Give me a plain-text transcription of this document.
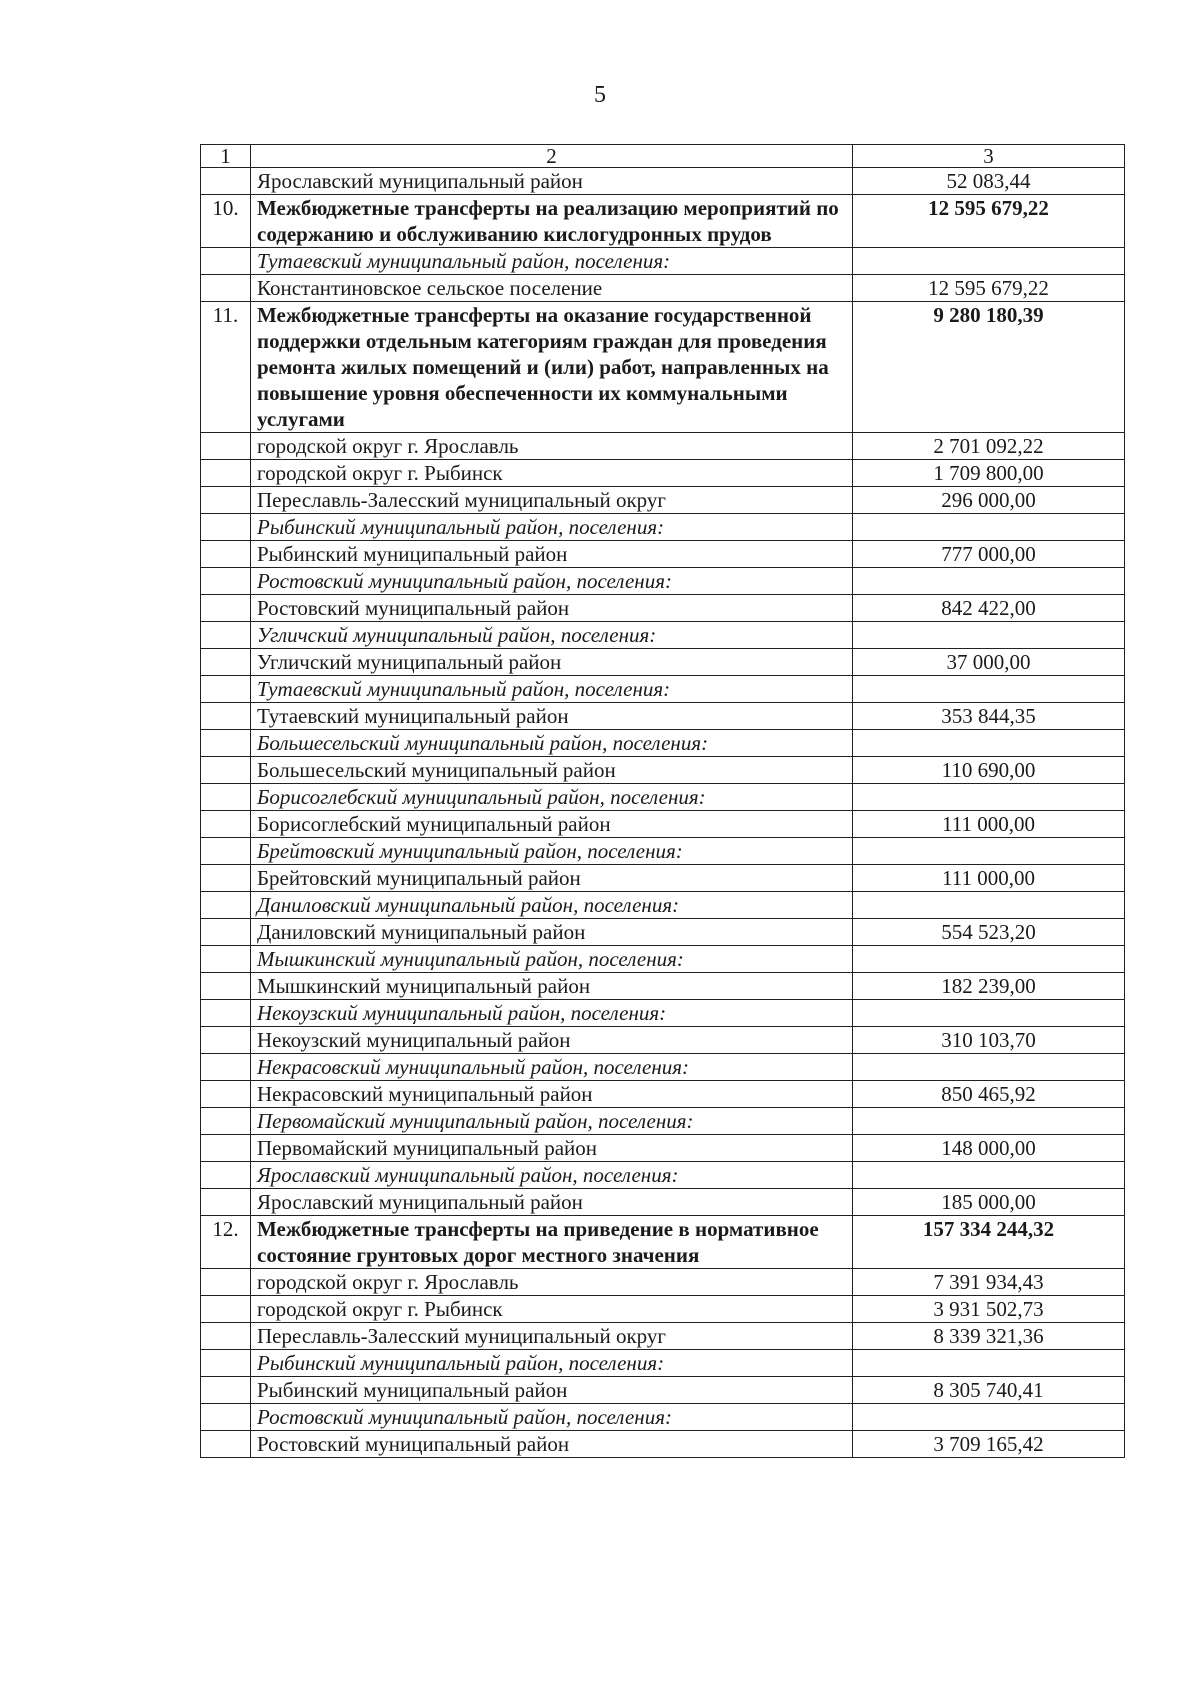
5
1	2	3
	Ярославский муниципальный район	52 083,44
10.	Межбюджетные трансферты на реализацию мероприятий по содержанию и обслуживанию кислогудронных прудов	12 595 679,22
	Тутаевский муниципальный район, поселения:	
	Константиновское сельское поселение	12 595 679,22
11.	Межбюджетные трансферты на оказание государственной поддержки отдельным категориям граждан для проведения ремонта жилых помещений и (или) работ, направленных на повышение уровня обеспеченности их коммунальными услугами	9 280 180,39
	городской округ г. Ярославль	2 701 092,22
	городской округ г. Рыбинск	1 709 800,00
	Переславль-Залесский муниципальный округ	296 000,00
	Рыбинский муниципальный район, поселения:	
	Рыбинский муниципальный район	777 000,00
	Ростовский муниципальный район, поселения:	
	Ростовский муниципальный район	842 422,00
	Угличский муниципальный район, поселения:	
	Угличский муниципальный район	37 000,00
	Тутаевский муниципальный район, поселения:	
	Тутаевский муниципальный район	353 844,35
	Большесельский муниципальный район, поселения:	
	Большесельский муниципальный район	110 690,00
	Борисоглебский муниципальный район, поселения:	
	Борисоглебский муниципальный район	111 000,00
	Брейтовский муниципальный район, поселения:	
	Брейтовский муниципальный район	111 000,00
	Даниловский муниципальный район, поселения:	
	Даниловский муниципальный район	554 523,20
	Мышкинский муниципальный район, поселения:	
	Мышкинский муниципальный район	182 239,00
	Некоузский муниципальный район, поселения:	
	Некоузский муниципальный район	310 103,70
	Некрасовский муниципальный район, поселения:	
	Некрасовский муниципальный район	850 465,92
	Первомайский муниципальный район, поселения:	
	Первомайский муниципальный район	148 000,00
	Ярославский муниципальный район, поселения:	
	Ярославский муниципальный район	185 000,00
12.	Межбюджетные трансферты на приведение в нормативное состояние грунтовых дорог местного значения	157 334 244,32
	городской округ г. Ярославль	7 391 934,43
	городской округ г. Рыбинск	3 931 502,73
	Переславль-Залесский муниципальный округ	8 339 321,36
	Рыбинский муниципальный район, поселения:	
	Рыбинский муниципальный район	8 305 740,41
	Ростовский муниципальный район, поселения:	
	Ростовский муниципальный район	3 709 165,42
